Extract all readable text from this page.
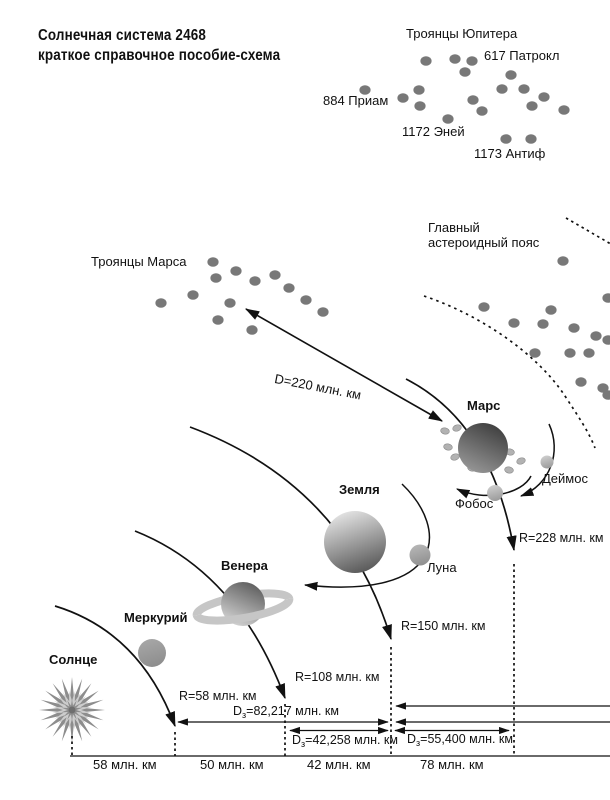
Солнечная система 2468
краткое справочное пособие-схема
Троянцы Юпитера
617 Патрокл
884 Приам
1172 Эней
1173 Антиф
Троянцы Марса
Главный
астероидный пояс
D=220 млн. км
Марс
Деймос
Фобос
R=228 млн. км
Земля
Луна
R=150 млн. км
Венера
R=108 млн. км
Меркурий
R=58 млн. км
Солнце
$D_з=82,217$ млн. км
$D_з=42,258$ млн. км $D_з=55,400$ млн. км
58 млн. км	50 млн. км	42 млн. км	78 млн. км
